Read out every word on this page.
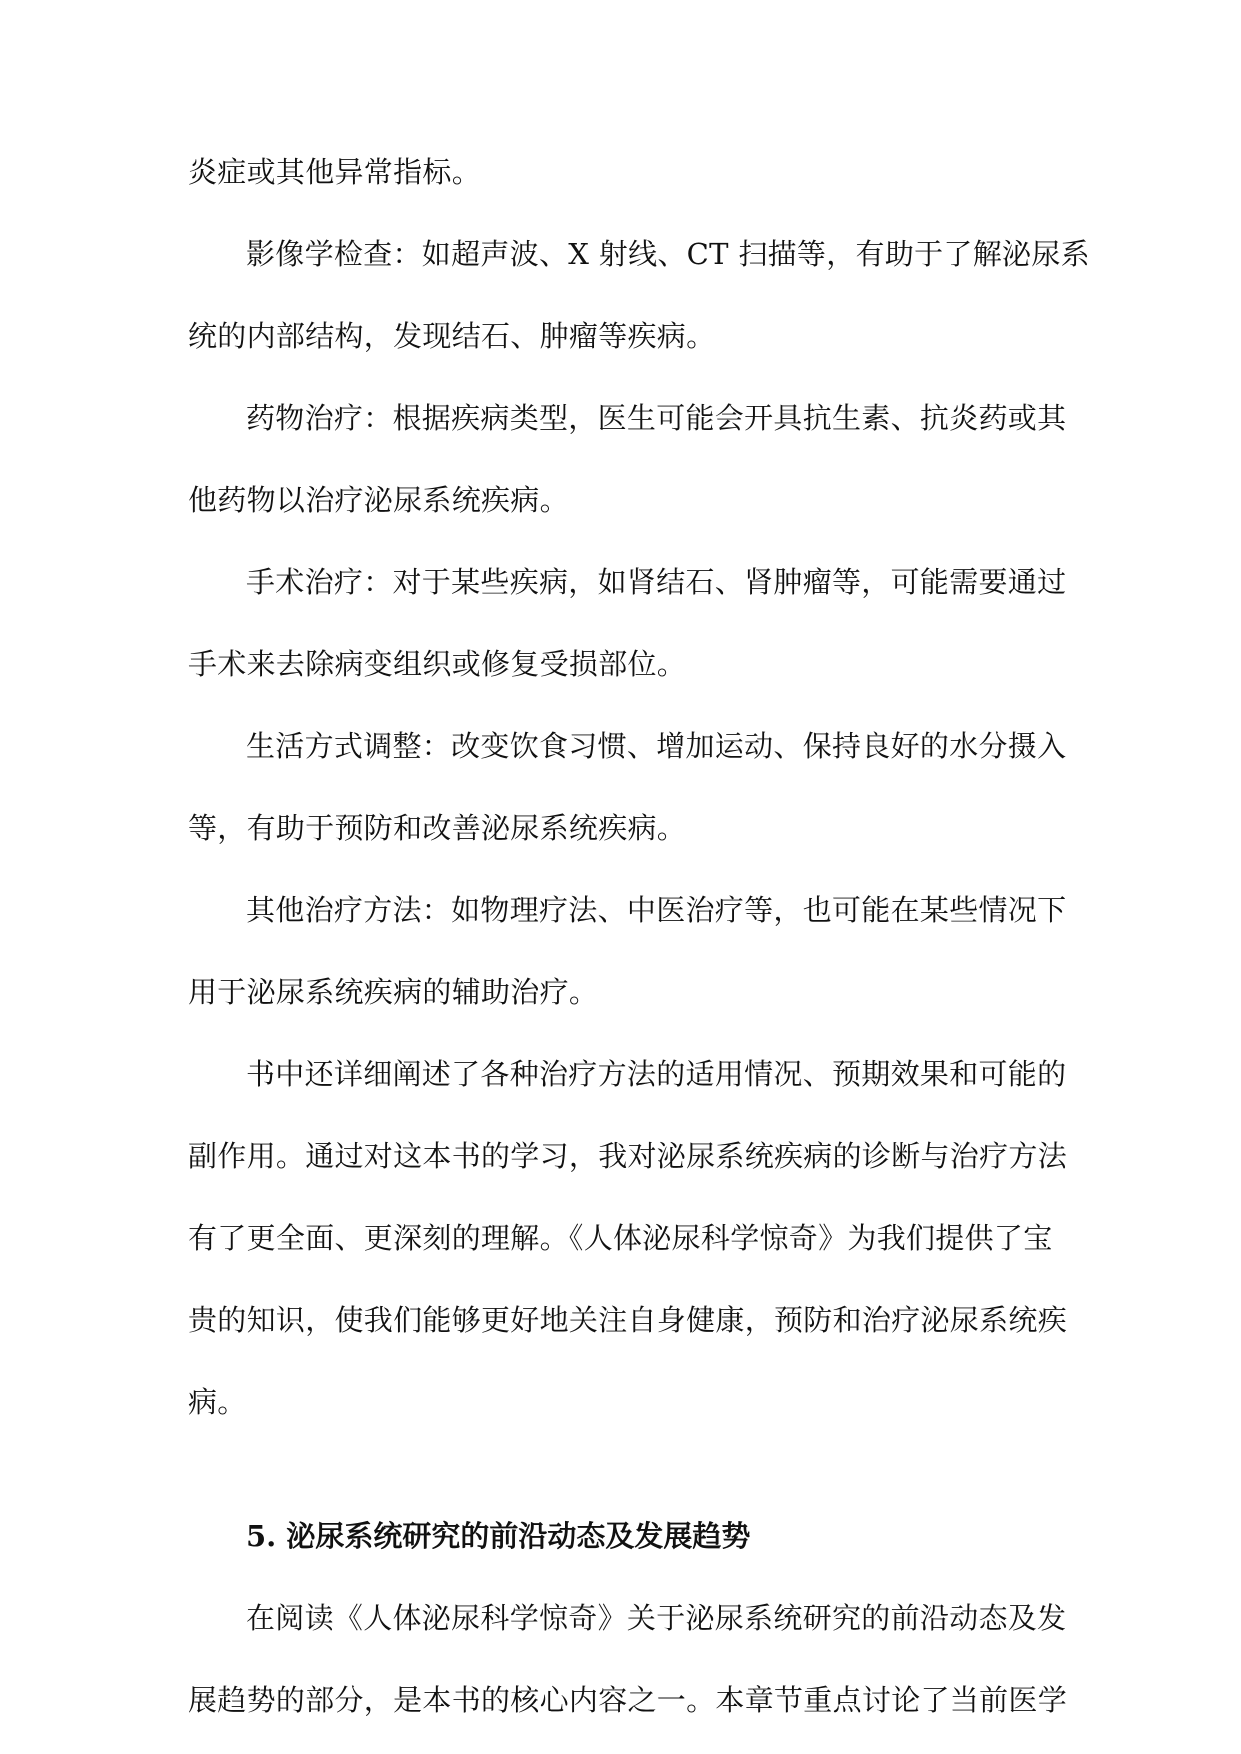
炎症或其他异常指标。
影像学检查：如超声波、X 射线、CT 扫描等，有助于了解泌尿系
统的内部结构，发现结石、肿瘤等疾病。
药物治疗：根据疾病类型，医生可能会开具抗生素、抗炎药或其
他药物以治疗泌尿系统疾病。
手术治疗：对于某些疾病，如肾结石、肾肿瘤等，可能需要通过
手术来去除病变组织或修复受损部位。
生活方式调整：改变饮食习惯、增加运动、保持良好的水分摄入
等，有助于预防和改善泌尿系统疾病。
其他治疗方法：如物理疗法、中医治疗等，也可能在某些情况下
用于泌尿系统疾病的辅助治疗。
书中还详细阐述了各种治疗方法的适用情况、预期效果和可能的
副作用。通过对这本书的学习，我对泌尿系统疾病的诊断与治疗方法
有了更全面、更深刻的理解。《人体泌尿科学惊奇》为我们提供了宝
贵的知识，使我们能够更好地关注自身健康，预防和治疗泌尿系统疾
病。
5. 泌尿系统研究的前沿动态及发展趋势
在阅读《人体泌尿科学惊奇》关于泌尿系统研究的前沿动态及发
展趋势的部分，是本书的核心内容之一。本章节重点讨论了当前医学
